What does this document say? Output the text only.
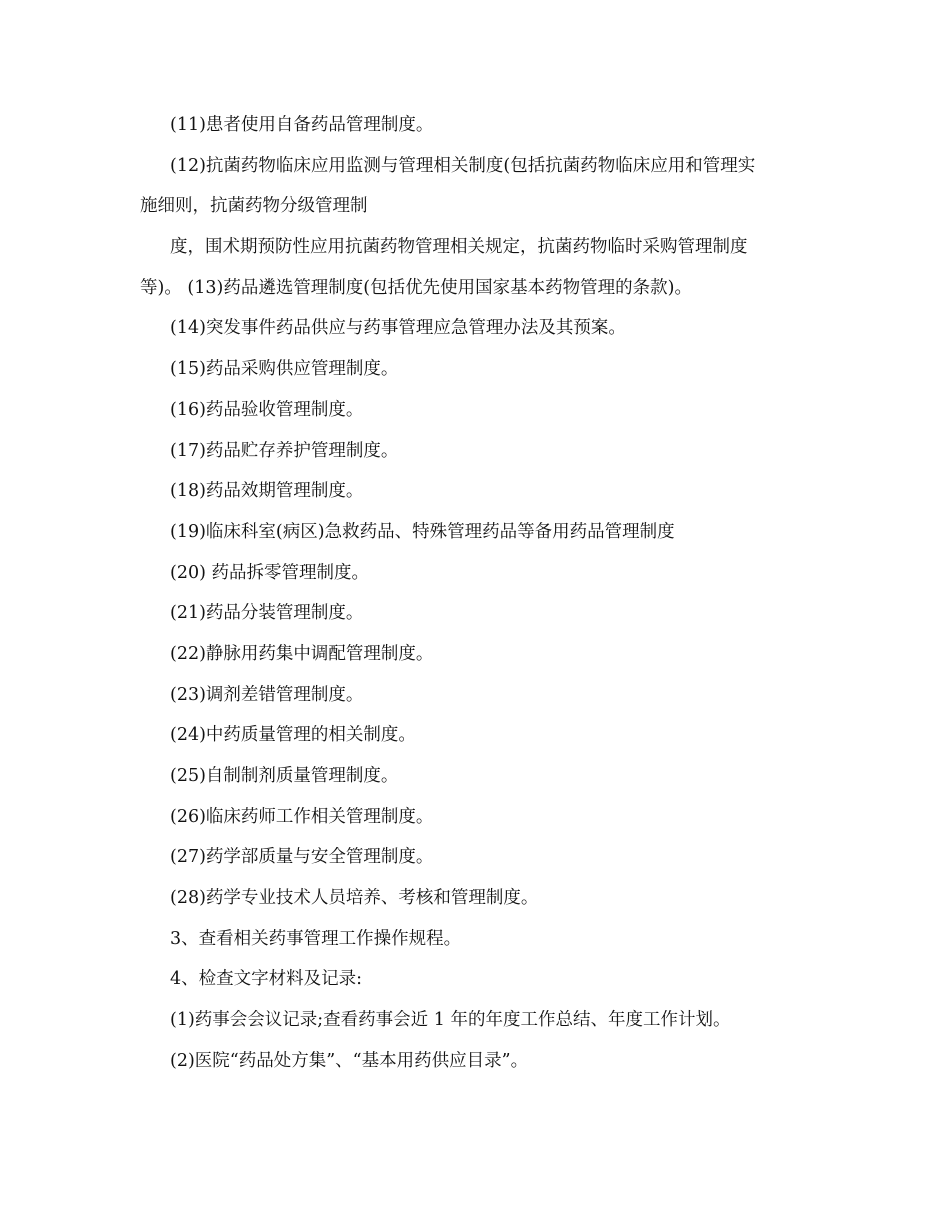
(11)患者使用自备药品管理制度。
(12)抗菌药物临床应用监测与管理相关制度(包括抗菌药物临床应用和管理实
施细则，抗菌药物分级管理制
度，围术期预防性应用抗菌药物管理相关规定，抗菌药物临时采购管理制度
等)。 (13)药品遴选管理制度(包括优先使用国家基本药物管理的条款)。
(14)突发事件药品供应与药事管理应急管理办法及其预案。
(15)药品采购供应管理制度。
(16)药品验收管理制度。
(17)药品贮存养护管理制度。
(18)药品效期管理制度。
(19)临床科室(病区)急救药品、特殊管理药品等备用药品管理制度
(20) 药品拆零管理制度。
(21)药品分装管理制度。
(22)静脉用药集中调配管理制度。
(23)调剂差错管理制度。
(24)中药质量管理的相关制度。
(25)自制制剂质量管理制度。
(26)临床药师工作相关管理制度。
(27)药学部质量与安全管理制度。
(28)药学专业技术人员培养、考核和管理制度。
3、查看相关药事管理工作操作规程。
4、检查文字材料及记录:
(1)药事会会议记录;查看药事会近 1 年的年度工作总结、年度工作计划。
(2)医院“药品处方集”、“基本用药供应目录”。
